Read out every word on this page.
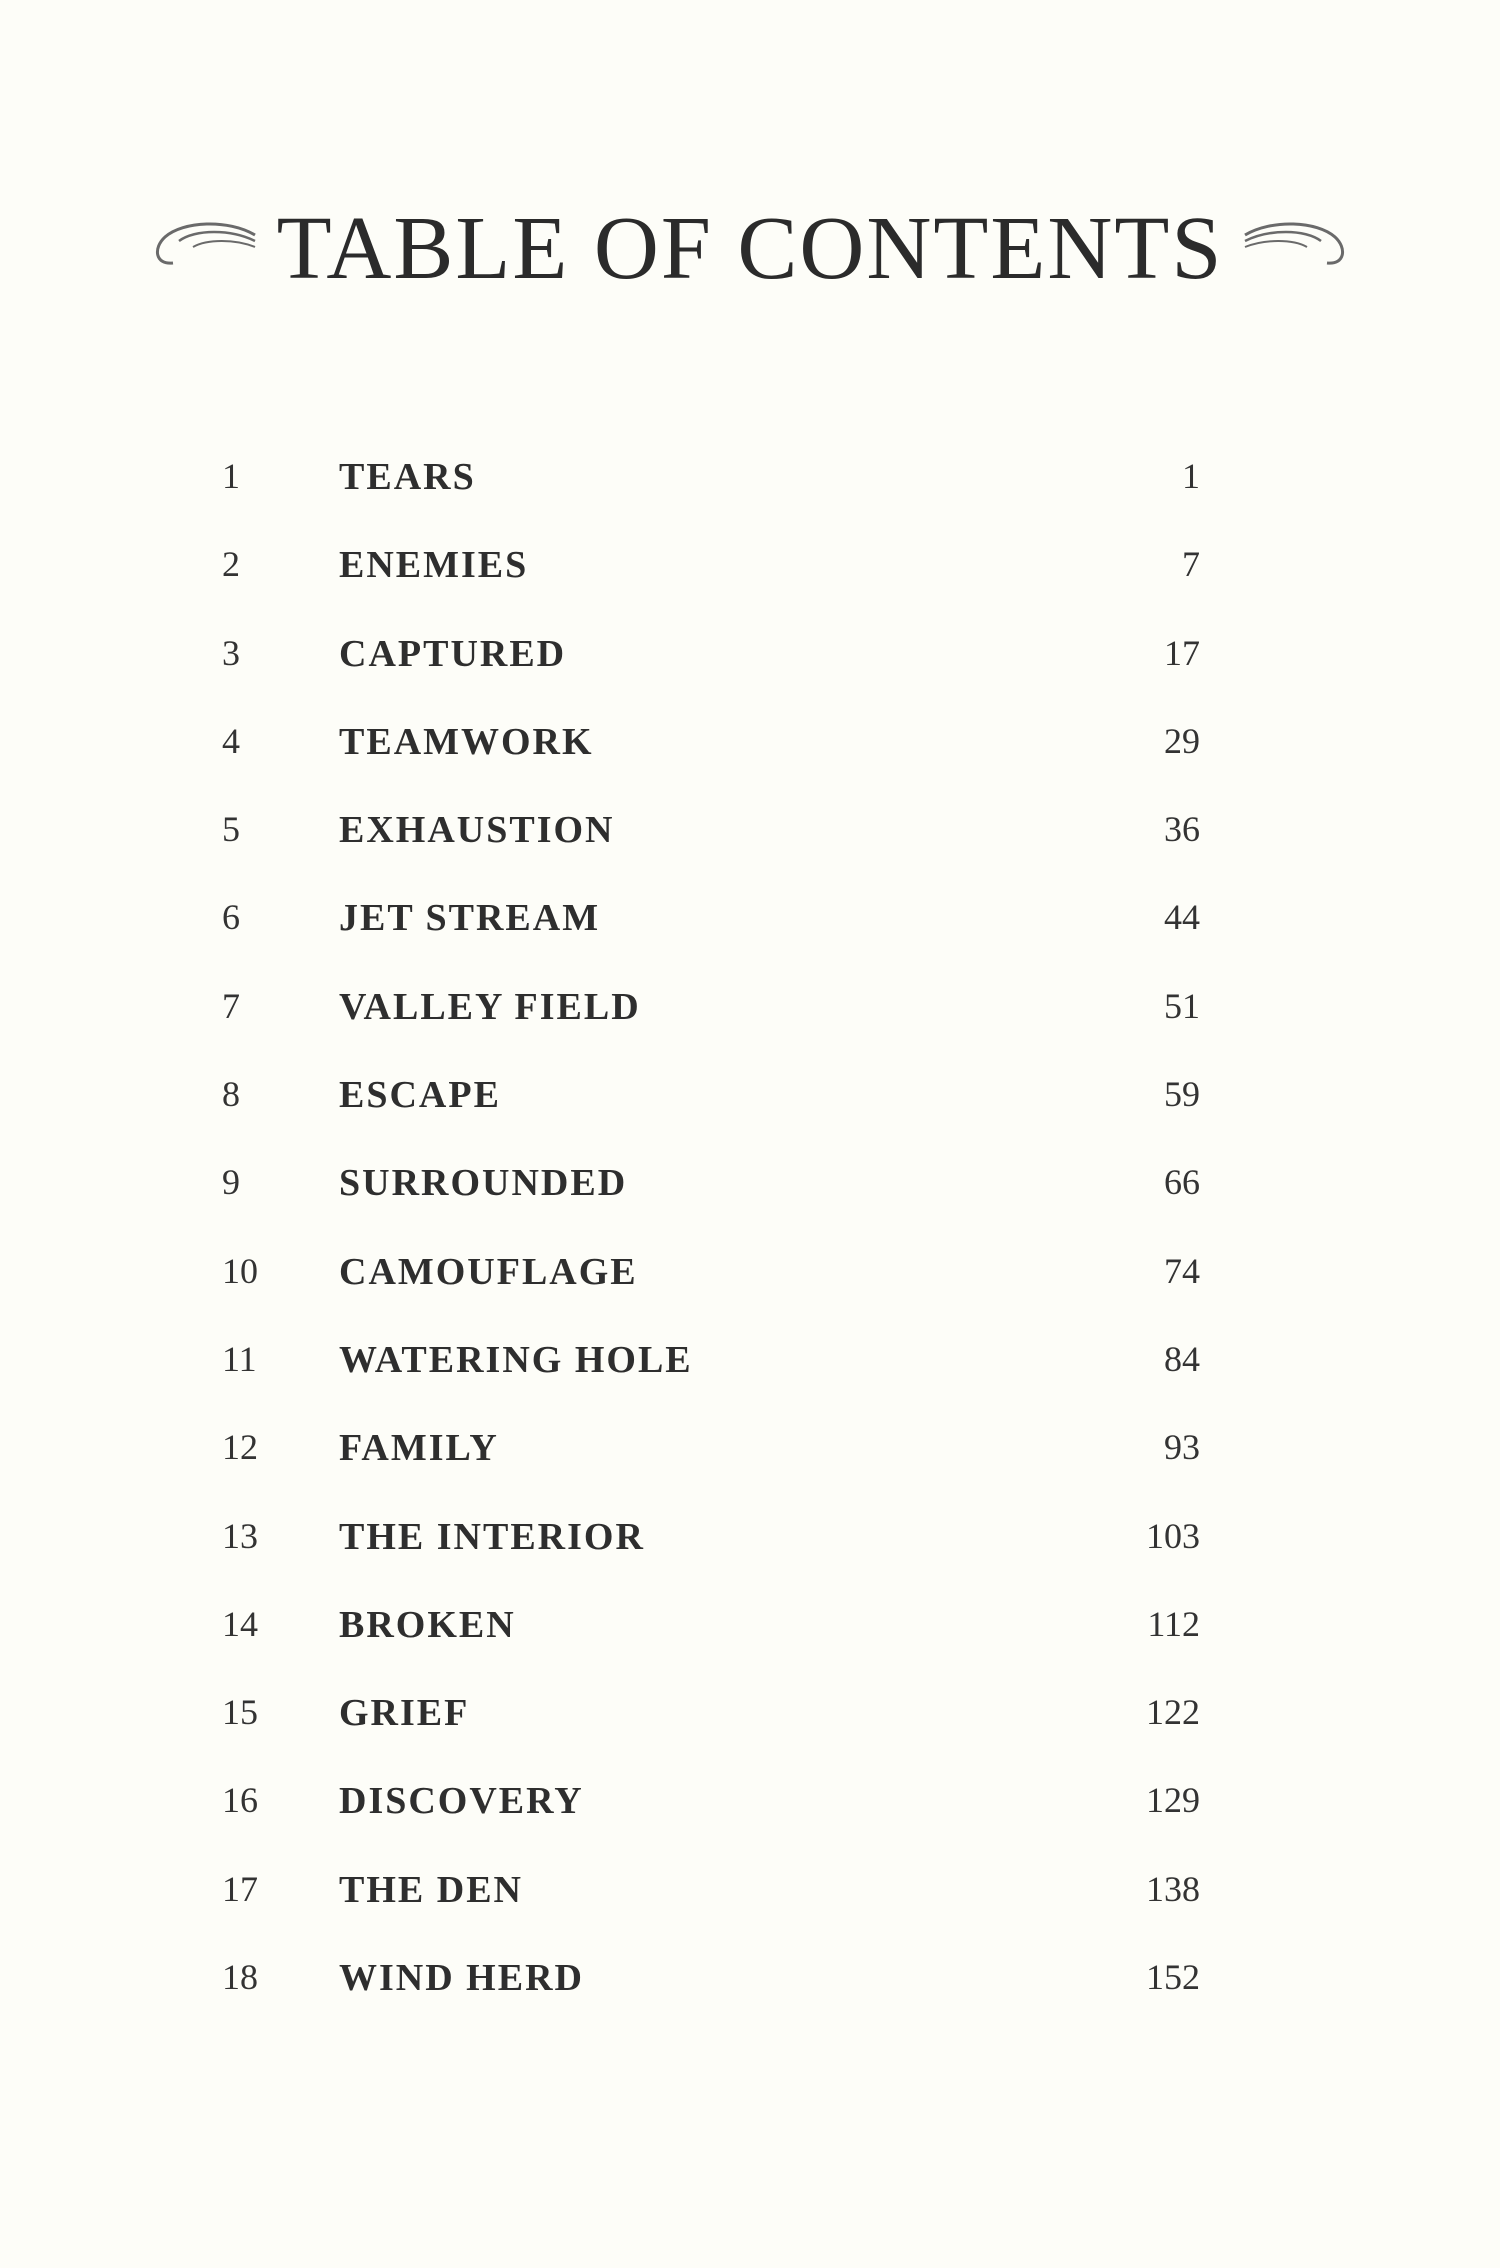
TABLE OF CONTENTS
1	TEARS	1
2	ENEMIES	7
3	CAPTURED	17
4	TEAMWORK	29
5	EXHAUSTION	36
6	JET STREAM	44
7	VALLEY FIELD	51
8	ESCAPE	59
9	SURROUNDED	66
10 CAMOUFLAGE	74
11 WATERING HOLE	84
12 FAMILY	93
13 THE INTERIOR	103
14 BROKEN	112
15 GRIEF	122
16 DISCOVERY	129
17 THE DEN	138
18 WIND HERD	152
